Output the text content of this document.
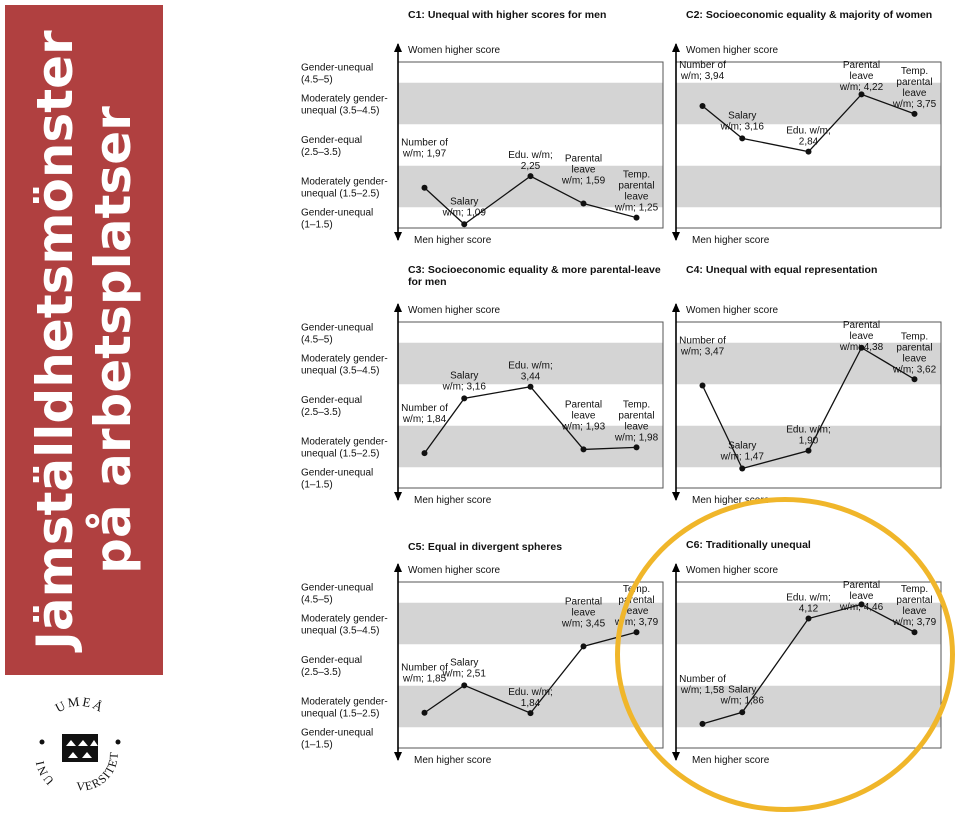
Jämställdhetsmönster på arbetsplatser
UMEÅ
UNI
VERSITET
C1: Unequal with higher scores for men
Women higher score
Men higher score
Gender-unequal (4.5–5)
Moderately gender-unequal (3.5–4.5)
Gender-equal (2.5–3.5)
Moderately gender-unequal (1.5–2.5)
Gender-unequal (1–1.5)
Number of w/m; 1,97
Salary w/m; 1,09
Edu. w/m; 2,25
Parental leave w/m; 1,59
Temp. parental leave w/m; 1,25
C2: Socioeconomic equality & majority of women
Women higher score
Men higher score
Number of w/m; 3,94
Salary w/m; 3,16 Edu. w/m; 2,84
Parental leave w/m; 4,22
Temp. parental leave w/m; 3,75
C3: Socioeconomic equality & more parental-leave for men
Women higher score
Men higher score
Gender-unequal (4.5–5)
Moderately gender-unequal (3.5–4.5)
Gender-equal (2.5–3.5)
Moderately gender-unequal (1.5–2.5)
Gender-unequal (1–1.5)
Number of w/m; 1,84
Salary w/m; 3,16
Edu. w/m; 3,44
Parental leave w/m; 1,93
Temp. parental leave w/m; 1,98
C4: Unequal with equal representation
Women higher score
Men higher score
Number of w/m; 3,47
Salary w/m; 1,47
Edu. w/m; 1,90
Parental leave w/m; 4,38
Temp. parental leave w/m; 3,62
C5: Equal in divergent spheres
Women higher score
Men higher score
Gender-unequal (4.5–5)
Moderately gender-unequal (3.5–4.5)
Gender-equal (2.5–3.5)
Moderately gender-unequal (1.5–2.5)
Gender-unequal (1–1.5)
Number of w/m; 1,85
Salary w/m; 2,51
Edu. w/m; 1,84
Parental leave w/m; 3,45
Temp. parental leave w/m; 3,79
C6: Traditionally unequal
Women higher score
Men higher score
Number of w/m; 1,58 Salary w/m; 1,86
Edu. w/m; 4,12
Parental leave w/m; 4,46
Temp. parental leave w/m; 3,79
